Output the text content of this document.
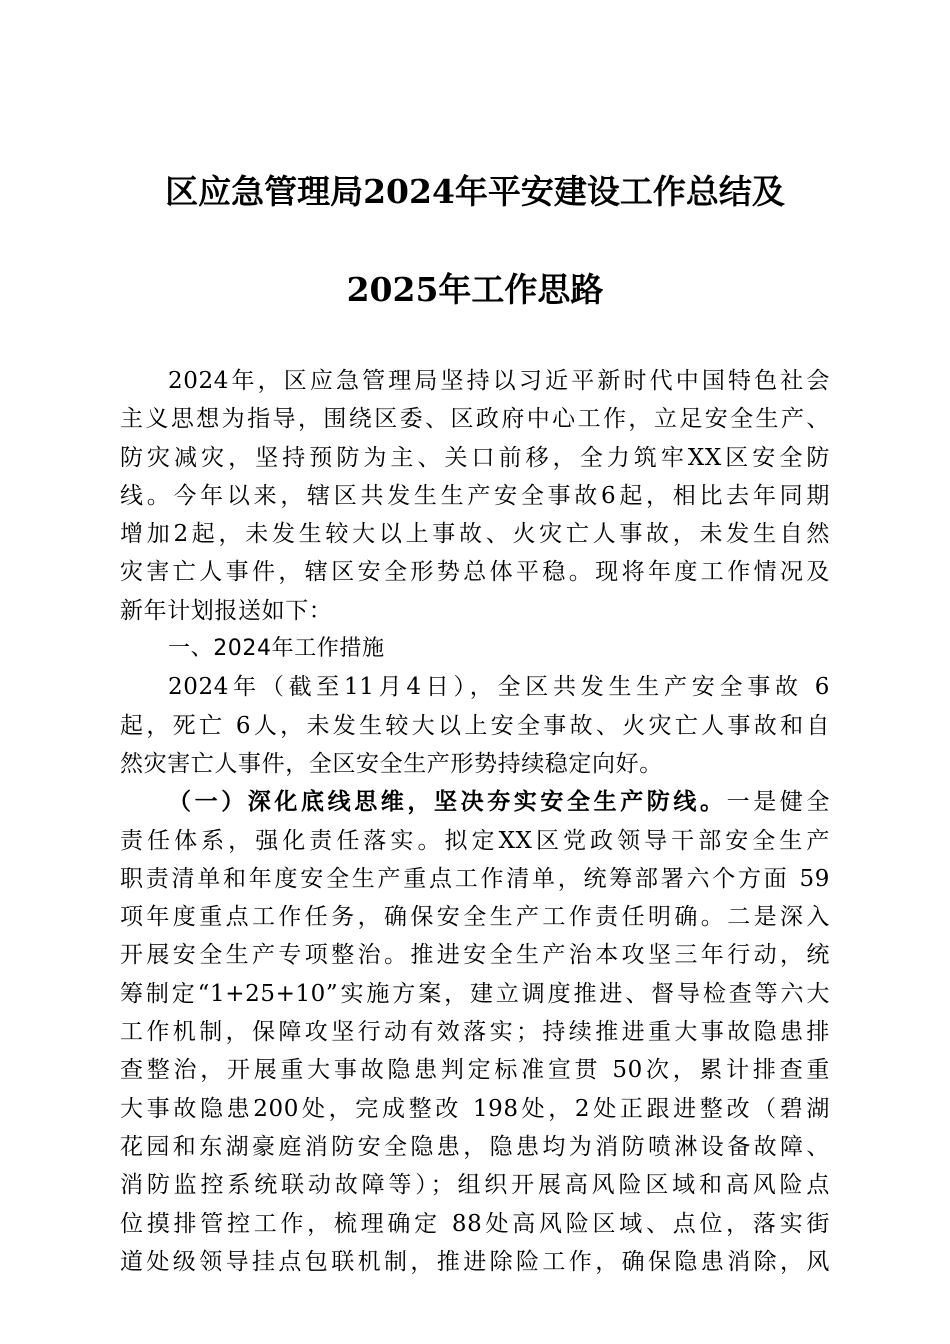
区应急管理局2024年平安建设工作总结及
2025年工作思路
2024年，区应急管理局坚持以习近平新时代中国特色社会
主义思想为指导，围绕区委、区政府中心工作，立足安全生产、
防灾减灾，坚持预防为主、关口前移，全力筑牢XX区安全防
线。今年以来，辖区共发生生产安全事故6起，相比去年同期
增加2起，未发生较大以上事故、火灾亡人事故，未发生自然
灾害亡人事件，辖区安全形势总体平稳。现将年度工作情况及
新年计划报送如下：
一、2024年工作措施
2024年（截至11月4日），全区共发生生产安全事故 6
起，死亡 6人，未发生较大以上安全事故、火灾亡人事故和自
然灾害亡人事件，全区安全生产形势持续稳定向好。
（一）深化底线思维，坚决夯实安全生产防线。一是健全
责任体系，强化责任落实。拟定XX区党政领导干部安全生产
职责清单和年度安全生产重点工作清单，统筹部署六个方面 59
项年度重点工作任务，确保安全生产工作责任明确。二是深入
开展安全生产专项整治。推进安全生产治本攻坚三年行动，统
筹制定“1+25+10”实施方案，建立调度推进、督导检查等六大
工作机制，保障攻坚行动有效落实；持续推进重大事故隐患排
查整治，开展重大事故隐患判定标准宣贯 50次，累计排查重
大事故隐患200处，完成整改 198处，2处正跟进整改（碧湖
花园和东湖豪庭消防安全隐患，隐患均为消防喷淋设备故障、
消防监控系统联动故障等）；组织开展高风险区域和高风险点
位摸排管控工作，梳理确定 88处高风险区域、点位，落实街
道处级领导挂点包联机制，推进除险工作，确保隐患消除，风
